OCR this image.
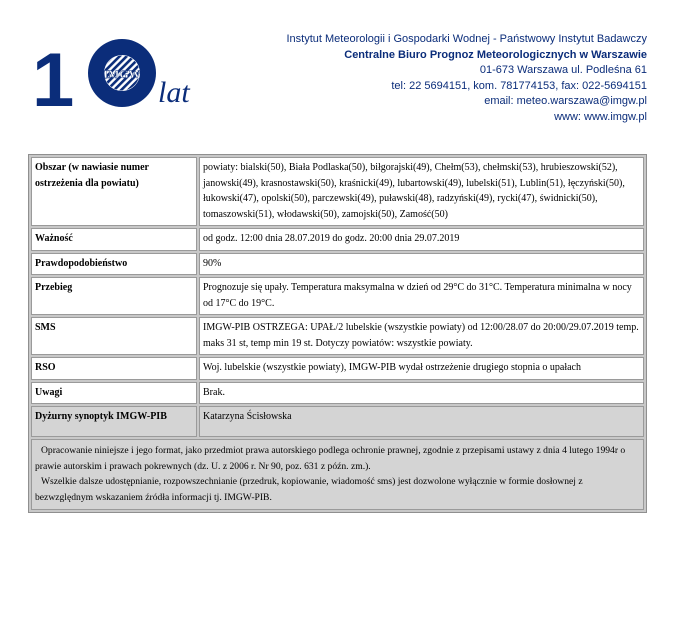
1 IMGW
lat
Instytut Meteorologii i Gospodarki Wodnej - Państwowy Instytut Badawczy
Centralne Biuro Prognoz Meteorologicznych w Warszawie
01-673 Warszawa ul. Podleśna 61
tel: 22 5694151, kom. 781774153, fax: 022-5694151
email: meteo.warszawa@imgw.pl
www: www.imgw.pl
Obszar (w nawiasie numer ostrzeżenia dla powiatu)	powiaty: bialski(50), Biała Podlaska(50), biłgorajski(49), Chełm(53), chełmski(53), hrubieszowski(52), janowski(49), krasnostawski(50), kraśnicki(49), lubartowski(49), lubelski(51), Lublin(51), łęczyński(50), łukowski(47), opolski(50), parczewski(49), puławski(48), radzyński(49), rycki(47), świdnicki(50), tomaszowski(51), włodawski(50), zamojski(50), Zamość(50)
Ważność	od godz. 12:00 dnia 28.07.2019 do godz. 20:00 dnia 29.07.2019
Prawdopodobieństwo	90%
Przebieg	Prognozuje się upały. Temperatura maksymalna w dzień od 29°C do 31°C. Temperatura minimalna w nocy od 17°C do 19°C.
SMS	IMGW-PIB OSTRZEGA: UPAŁ/2 lubelskie (wszystkie powiaty) od 12:00/28.07 do 20:00/29.07.2019 temp. maks 31 st, temp min 19 st. Dotyczy powiatów: wszystkie powiaty.
RSO	Woj. lubelskie (wszystkie powiaty), IMGW-PIB wydał ostrzeżenie drugiego stopnia o upałach
Uwagi	Brak.
Dyżurny synoptyk IMGW-PIB	Katarzyna Ścisłowska

Opracowanie niniejsze i jego format, jako przedmiot prawa autorskiego podlega ochronie prawnej, zgodnie z przepisami ustawy z dnia 4 lutego 1994r o prawie autorskim i prawach pokrewnych (dz. U. z 2006 r. Nr 90, poz. 631 z późn. zm.).

Wszelkie dalsze udostępnianie, rozpowszechnianie (przedruk, kopiowanie, wiadomość sms) jest dozwolone wyłącznie w formie dosłownej z bezwzględnym wskazaniem źródła informacji tj. IMGW-PIB.	
